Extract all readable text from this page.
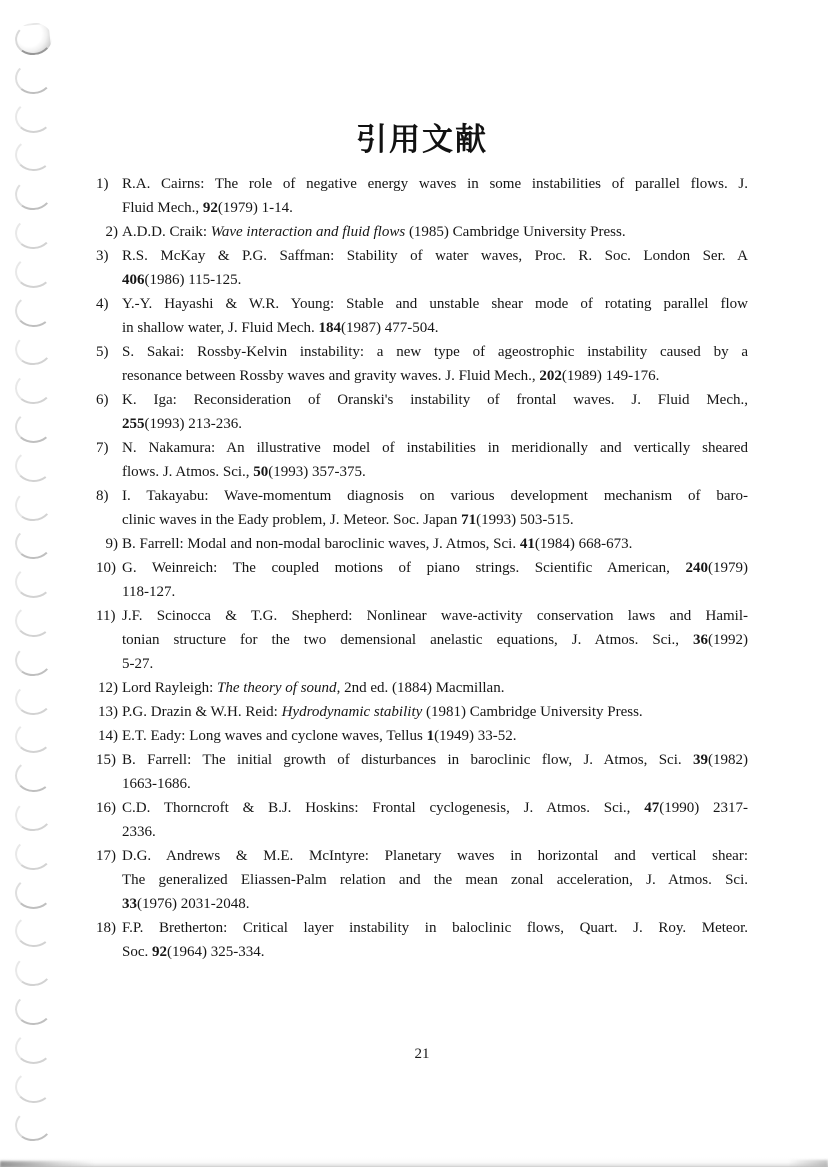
引用文献
1) R.A. Cairns: The role of negative energy waves in some instabilities of parallel flows. J.
Fluid Mech., 92(1979) 1-14.
2) A.D.D. Craik: Wave interaction and fluid flows (1985) Cambridge University Press.
3) R.S. McKay & P.G. Saffman: Stability of water waves, Proc. R. Soc. London Ser. A
406(1986) 115-125.
4) Y.-Y. Hayashi & W.R. Young: Stable and unstable shear mode of rotating parallel flow
in shallow water, J. Fluid Mech. 184(1987) 477-504.
5) S. Sakai: Rossby-Kelvin instability: a new type of ageostrophic instability caused by a
resonance between Rossby waves and gravity waves. J. Fluid Mech., 202(1989) 149-176.
6) K. Iga: Reconsideration of Oranski's instability of frontal waves. J. Fluid Mech.,
255(1993) 213-236.
7) N. Nakamura: An illustrative model of instabilities in meridionally and vertically sheared
flows. J. Atmos. Sci., 50(1993) 357-375.
8) I. Takayabu: Wave-momentum diagnosis on various development mechanism of baro-
clinic waves in the Eady problem, J. Meteor. Soc. Japan 71(1993) 503-515.
9) B. Farrell: Modal and non-modal baroclinic waves, J. Atmos, Sci. 41(1984) 668-673.
10) G. Weinreich: The coupled motions of piano strings. Scientific American, 240(1979)
118-127.
11) J.F. Scinocca & T.G. Shepherd: Nonlinear wave-activity conservation laws and Hamil-
tonian structure for the two demensional anelastic equations, J. Atmos. Sci., 36(1992)
5-27.
12) Lord Rayleigh: The theory of sound, 2nd ed. (1884) Macmillan.
13) P.G. Drazin & W.H. Reid: Hydrodynamic stability (1981) Cambridge University Press.
14) E.T. Eady: Long waves and cyclone waves, Tellus 1(1949) 33-52.
15) B. Farrell: The initial growth of disturbances in baroclinic flow, J. Atmos, Sci. 39(1982)
1663-1686.
16) C.D. Thorncroft & B.J. Hoskins: Frontal cyclogenesis, J. Atmos. Sci., 47(1990) 2317-
2336.
17) D.G. Andrews & M.E. McIntyre: Planetary waves in horizontal and vertical shear:
The generalized Eliassen-Palm relation and the mean zonal acceleration, J. Atmos. Sci.
33(1976) 2031-2048.
18) F.P. Bretherton: Critical layer instability in baloclinic flows, Quart. J. Roy. Meteor.
Soc. 92(1964) 325-334.
21
